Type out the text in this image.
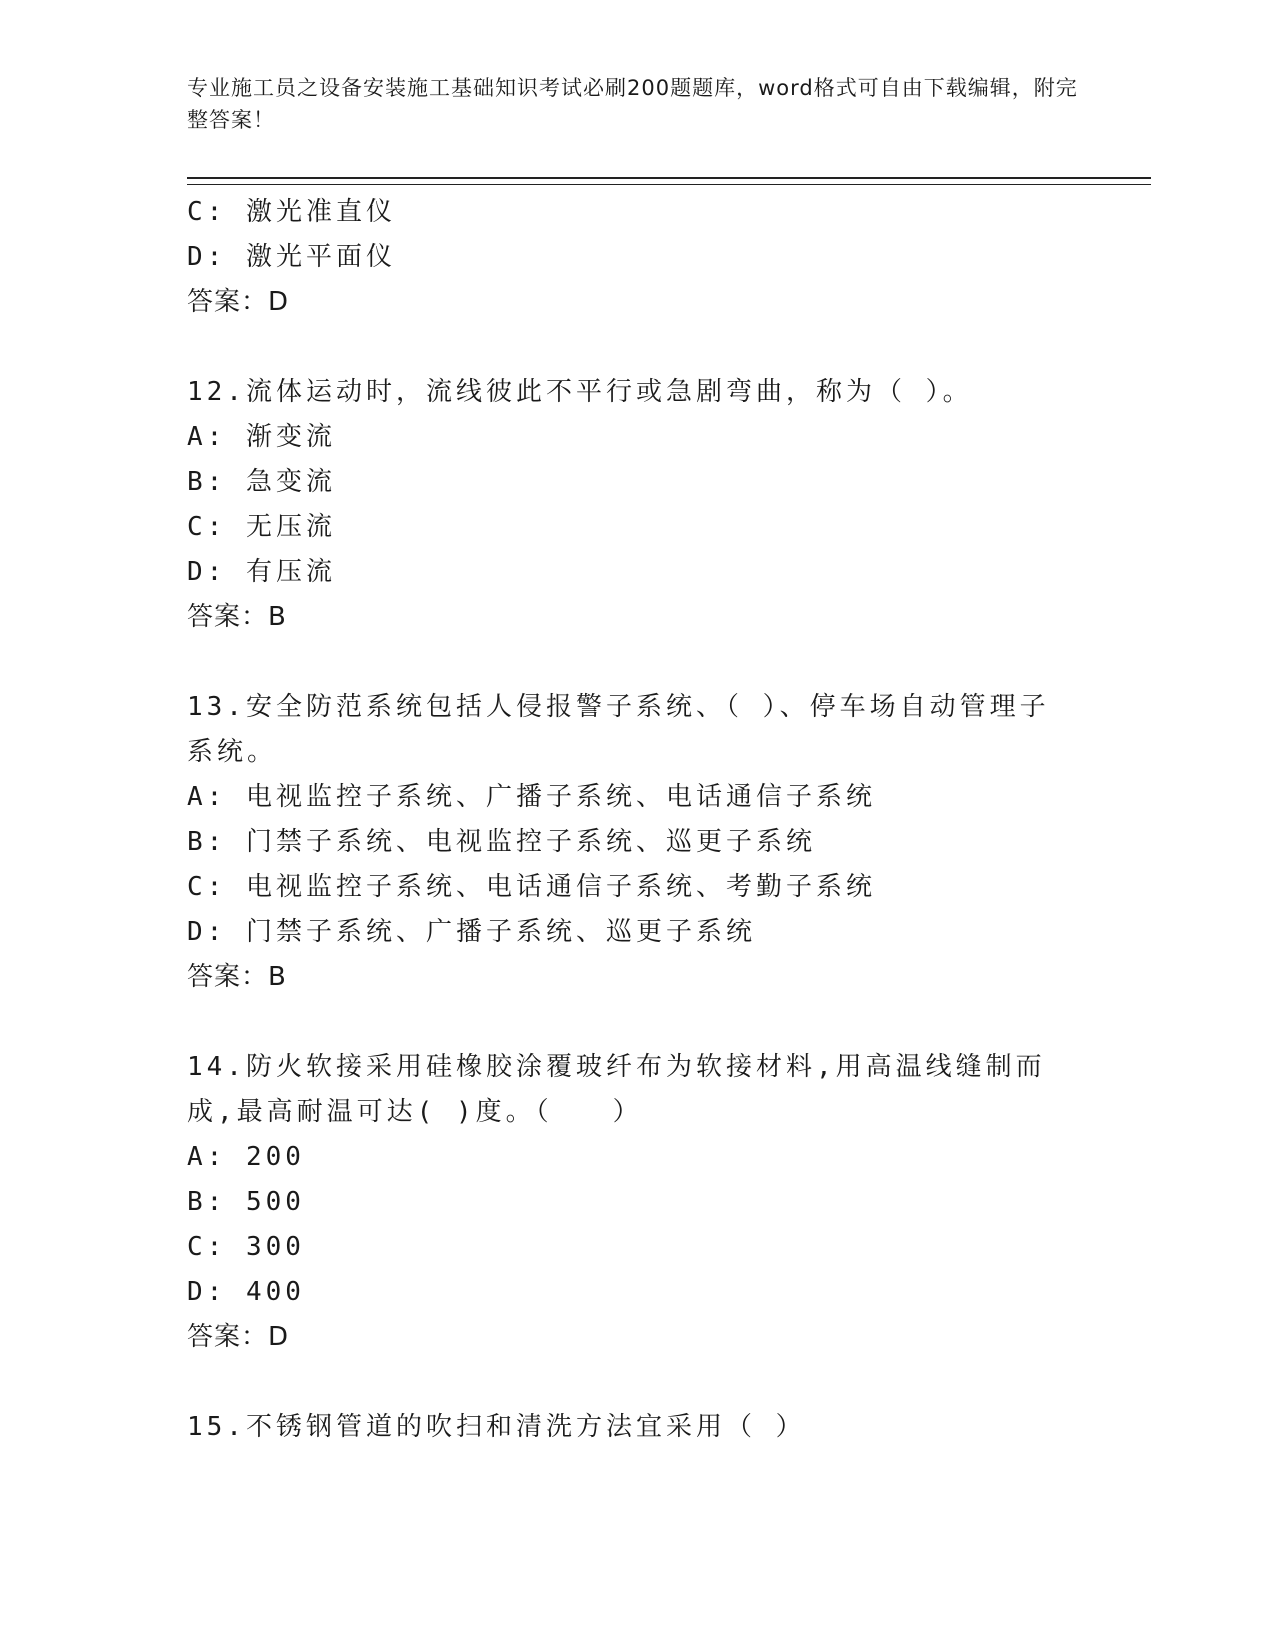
专业施工员之设备安装施工基础知识考试必刷200题题库，word格式可自由下载编辑，附完整答案！
C: 激光准直仪
D: 激光平面仪
答案：D
12.流体运动时，流线彼此不平行或急剧弯曲，称为（ ）。
A: 渐变流
B: 急变流
C: 无压流
D: 有压流
答案：B
13.安全防范系统包括人侵报警子系统、（ ）、停车场自动管理子系统。
A: 电视监控子系统、广播子系统、电话通信子系统
B: 门禁子系统、电视监控子系统、巡更子系统
C: 电视监控子系统、电话通信子系统、考勤子系统
D: 门禁子系统、广播子系统、巡更子系统
答案：B
14.防火软接采用硅橡胶涂覆玻纤布为软接材料,用高温线缝制而成,最高耐温可达( )度。（　　）
A: 200
B: 500
C: 300
D: 400
答案：D
15.不锈钢管道的吹扫和清洗方法宜采用（ ）
